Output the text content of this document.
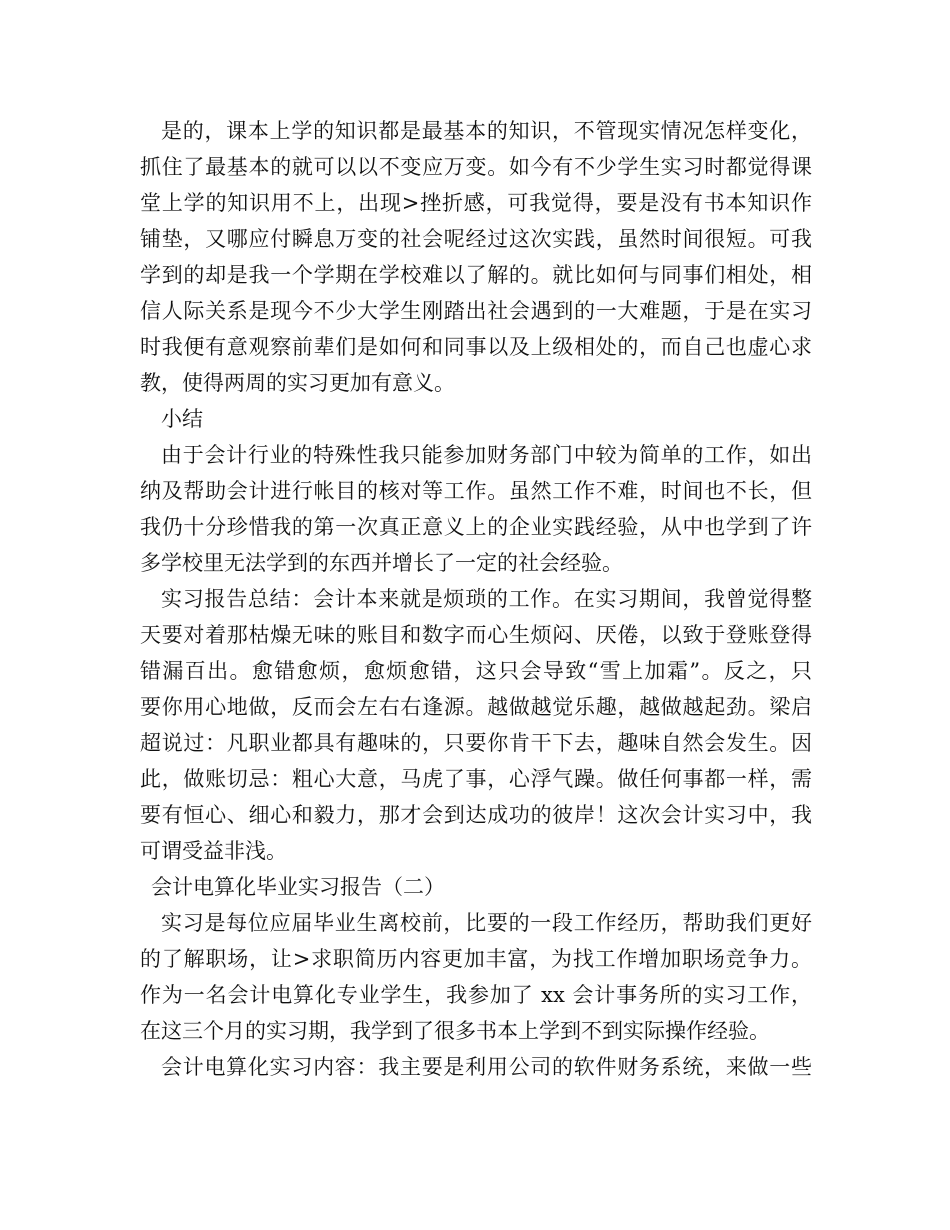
是的，课本上学的知识都是最基本的知识，不管现实情况怎样变化，

抓住了最基本的就可以以不变应万变。如今有不少学生实习时都觉得课

堂上学的知识用不上，出现>挫折感，可我觉得，要是没有书本知识作

铺垫，又哪应付瞬息万变的社会呢经过这次实践，虽然时间很短。可我

学到的却是我一个学期在学校难以了解的。就比如何与同事们相处，相

信人际关系是现今不少大学生刚踏出社会遇到的一大难题，于是在实习

时我便有意观察前辈们是如何和同事以及上级相处的，而自己也虚心求

教，使得两周的实习更加有意义。

小结

由于会计行业的特殊性我只能参加财务部门中较为简单的工作，如出

纳及帮助会计进行帐目的核对等工作。虽然工作不难，时间也不长，但

我仍十分珍惜我的第一次真正意义上的企业实践经验，从中也学到了许

多学校里无法学到的东西并增长了一定的社会经验。

实习报告总结：会计本来就是烦琐的工作。在实习期间，我曾觉得整

天要对着那枯燥无味的账目和数字而心生烦闷、厌倦，以致于登账登得

错漏百出。愈错愈烦，愈烦愈错，这只会导致“雪上加霜”。反之，只

要你用心地做，反而会左右右逢源。越做越觉乐趣，越做越起劲。梁启

超说过：凡职业都具有趣味的，只要你肯干下去，趣味自然会发生。因

此，做账切忌：粗心大意，马虎了事，心浮气躁。做任何事都一样，需

要有恒心、细心和毅力，那才会到达成功的彼岸！这次会计实习中，我

可谓受益非浅。

会计电算化毕业实习报告（二）

实习是每位应届毕业生离校前，比要的一段工作经历，帮助我们更好

的了解职场，让>求职简历内容更加丰富，为找工作增加职场竞争力。

作为一名会计电算化专业学生，我参加了 xx 会计事务所的实习工作，

在这三个月的实习期，我学到了很多书本上学到不到实际操作经验。

会计电算化实习内容：我主要是利用公司的软件财务系统，来做一些
